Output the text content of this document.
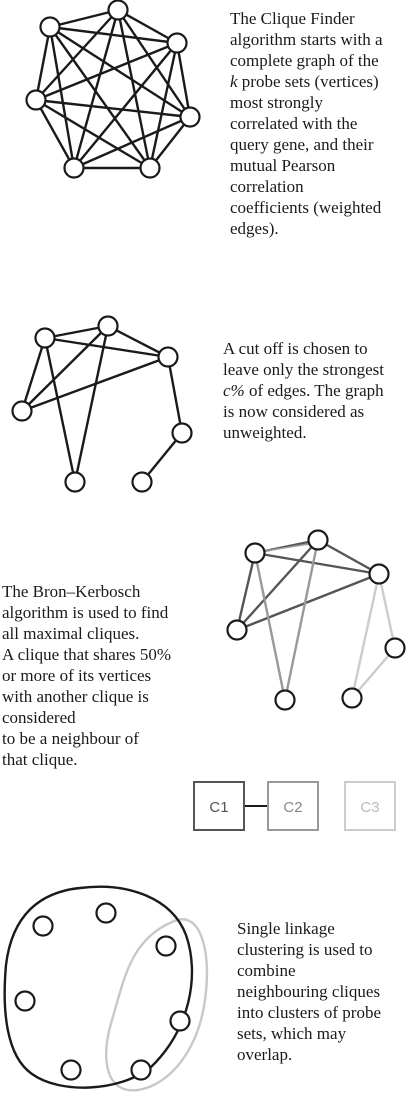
C1	C2	C3

The Clique Finder

algorithm starts with a

complete graph of the

k probe sets (vertices)

most strongly

correlated with the

query gene, and their

mutual Pearson

correlation

coefficients (weighted

edges).

A cut off is chosen to

leave only the strongest

c% of edges. The graph

is now considered as

unweighted.

The Bron–Kerbosch

algorithm is used to find

all maximal cliques.

A clique that shares 50%

or more of its vertices

with another clique is

considered

to be a neighbour of

that clique.

Single linkage

clustering is used to

combine

neighbouring cliques

into clusters of probe

sets, which may

overlap.
